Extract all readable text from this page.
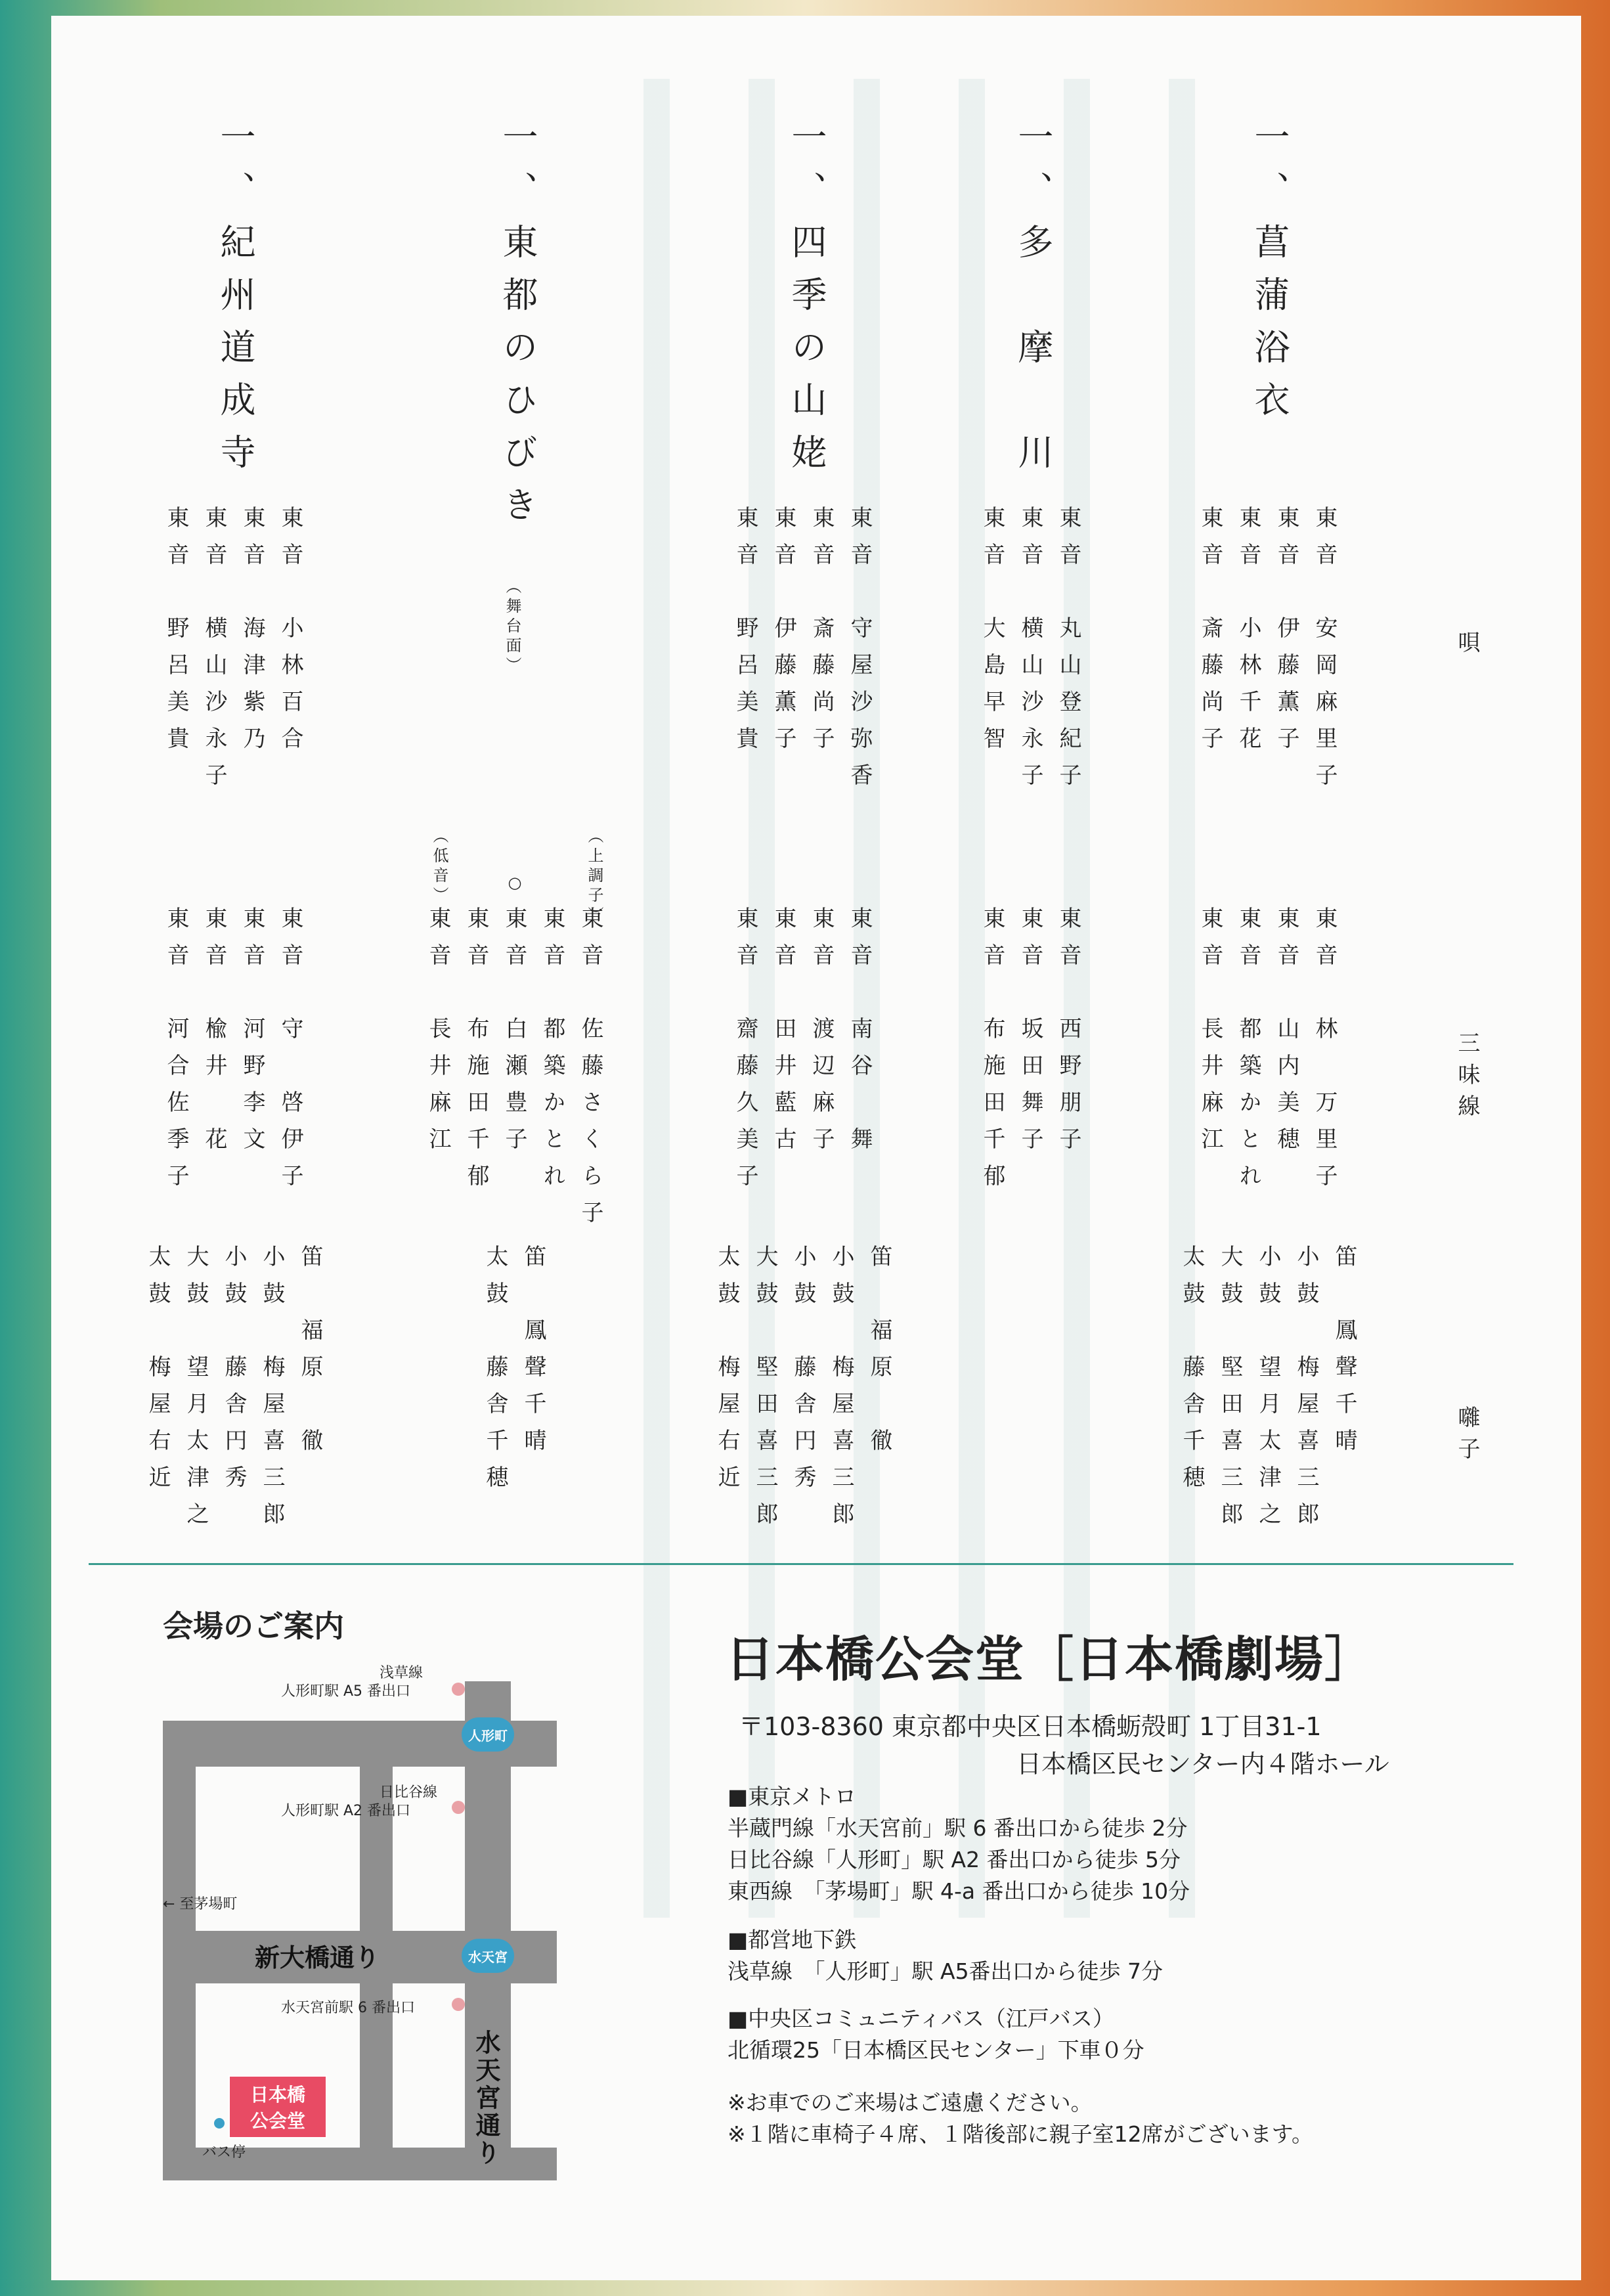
一、菖蒲浴衣
一、多　摩　川
一、四季の山姥
一、東都のひびき
（舞台面）
一、紀州道成寺
唄
三味線
囃子
東音　安岡麻里子
東音　伊藤薫子
東音　小林千花
東音　斎藤尚子
東音　丸山登紀子
東音　横山沙永子
東音　大島早智
東音　守屋沙弥香
東音　斎藤尚子
東音　伊藤薫子
東音　野呂美貴
東音　小林百合
東音　海津紫乃
東音　横山沙永子
東音　野呂美貴
東音　林　万里子
東音　山内美穂
東音　都築かとれ
東音　長井麻江
東音　西野朋子
東音　坂田舞子
東音　布施田千郁
東音　南谷　舞
東音　渡辺麻子
東音　田井藍古
東音　齋藤久美子
（上調子）
○
（低音）
東音　佐藤さくら子
東音　都築かとれ
東音　白瀬豊子
東音　布施田千郁
東音　長井麻江
東音　守　啓伊子
東音　河野李文
東音　楡井　花
東音　河合佐季子
笛　鳳聲千晴
小鼓　梅屋喜三郎
小鼓　望月太津之
大鼓　堅田喜三郎
太鼓　藤舎千穂
笛　福原　徹
小鼓　梅屋喜三郎
小鼓　藤舎円秀
大鼓　堅田喜三郎
太鼓　梅屋右近
笛　鳳聲千晴
太鼓　藤舎千穂
笛　福原　徹
小鼓　梅屋喜三郎
小鼓　藤舎円秀
大鼓　望月太津之
太鼓　梅屋右近
会場のご案内
浅草線
人形町駅 A5 番出口
人形町
日比谷線
人形町駅 A2 番出口
← 至茅場町
新大橋通り	水天宮
水天宮前駅 6 番出口
水天宮通り
日本橋
公会堂
バス停
日本橋公会堂［日本橋劇場］
〒103-8360 東京都中央区日本橋蛎殻町 1丁目31-1
日本橋区民センター内４階ホール
■東京メトロ
半蔵門線「水天宮前」駅 6 番出口から徒歩 2分
日比谷線「人形町」駅 A2 番出口から徒歩 5分
東西線　「茅場町」駅 4-a 番出口から徒歩 10分
■都営地下鉄
浅草線　「人形町」駅 A5番出口から徒歩 7分
■中央区コミュニティバス（江戸バス）
北循環25「日本橋区民センター」下車０分
※お車でのご来場はご遠慮ください。
※１階に車椅子４席、１階後部に親子室12席がございます。
